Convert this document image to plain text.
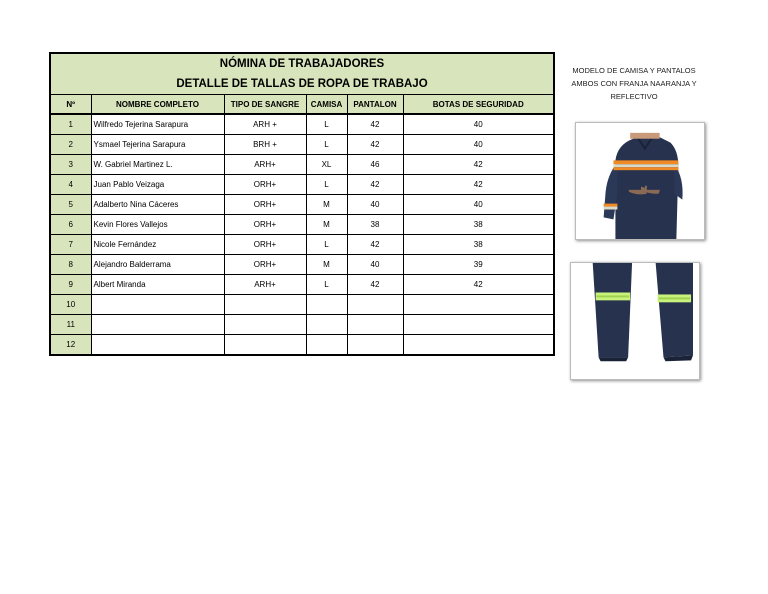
NÓMINA DE TRABAJADORES
DETALLE DE TALLAS DE ROPA DE TRABAJO
Nº	NOMBRE COMPLETO	TIPO DE SANGRE	CAMISA	PANTALON	BOTAS DE SEGURIDAD
1	Wilfredo Tejerina Sarapura	ARH +	L	42	40
2	Ysmael Tejerina Sarapura	BRH +	L	42	40
3	W. Gabriel Martinez L.	ARH+	XL	46	42
4	Juan Pablo Veizaga	ORH+	L	42	42
5	Adalberto Nina Cáceres	ORH+	M	40	40
6	Kevin Flores Vallejos	ORH+	M	38	38
7	Nicole Fernández	ORH+	L	42	38
8	Alejandro Balderrama	ORH+	M	40	39
9	Albert Miranda	ARH+	L	42	42
10					
11					
12					
MODELO DE CAMISA Y PANTALOS
AMBOS CON FRANJA NAARANJA Y
REFLECTIVO
